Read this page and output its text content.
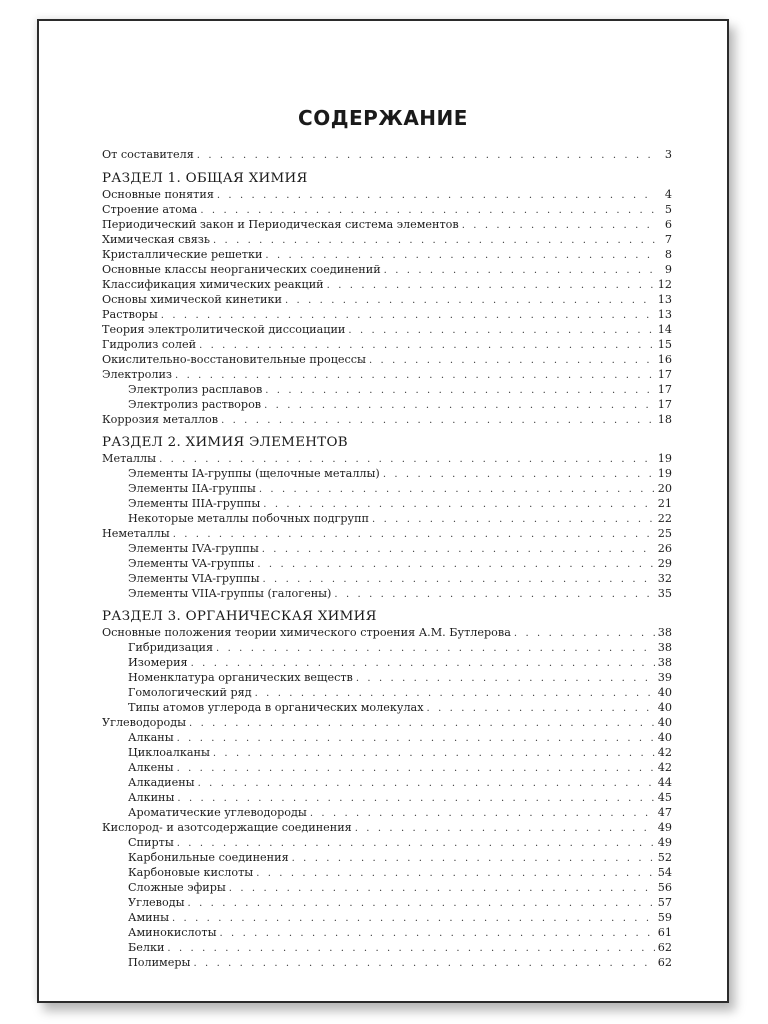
СОДЕРЖАНИЕ
От составителя . . .	3
РАЗДЕЛ 1. ОБЩАЯ ХИМИЯ
Основные понятия . . .	4
Строение атома . . .	5
Периодический закон и Периодическая система элементов . . .	6
Химическая связь . . .	7
Кристаллические решетки . . .	8
Основные классы неорганических соединений . . .	9
Классификация химических реакций . . .	12
Основы химической кинетики . . .	13
Растворы . . .	13
Теория электролитической диссоциации . . .	14
Гидролиз солей . . .	15
Окислительно-восстановительные процессы . . .	16
Электролиз . . .	17
Электролиз расплавов . . .	17
Электролиз растворов . . .	17
Коррозия металлов . . .	18
РАЗДЕЛ 2. ХИМИЯ ЭЛЕМЕНТОВ
Металлы . . .	19
Элементы IA-группы (щелочные металлы) . . .	19
Элементы IIA-группы . . .	20
Элементы IIIA-группы . . .	21
Некоторые металлы побочных подгрупп . . .	22
Неметаллы . . .	25
Элементы IVA-группы . . .	26
Элементы VA-группы . . .	29
Элементы VIA-группы . . .	32
Элементы VIIA-группы (галогены) . . .	35
РАЗДЕЛ 3. ОРГАНИЧЕСКАЯ ХИМИЯ
Основные положения теории химического строения А.М. Бутлерова . . .	38
Гибридизация . . .	38
Изомерия . . .	38
Номенклатура органических веществ . . .	39
Гомологический ряд . . .	40
Типы атомов углерода в органических молекулах . . .	40
Углеводороды . . .	40
Алканы . . .	40
Циклоалканы . . .	42
Алкены . . .	42
Алкадиены . . .	44
Алкины . . .	45
Ароматические углеводороды . . .	47
Кислород- и азотсодержащие соединения . . .	49
Спирты . . .	49
Карбонильные соединения . . .	52
Карбоновые кислоты . . .	54
Сложные эфиры . . .	56
Углеводы . . .	57
Амины . . .	59
Аминокислоты . . .	61
Белки . . .	62
Полимеры . . .	62
